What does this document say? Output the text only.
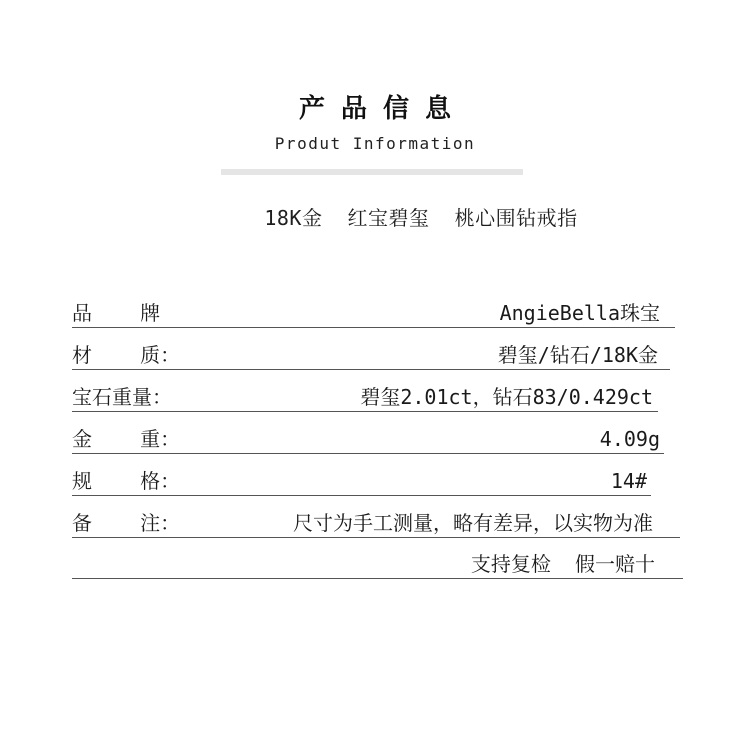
产品信息
Produt Information
18K金  红宝碧玺  桃心围钻戒指
品    牌	AngieBella珠宝
材    质：	碧玺/钻石/18K金
宝石重量：	碧玺2.01ct，钻石83/0.429ct
金    重：	4.09g
规    格：	14#
备    注：	尺寸为手工测量，略有差异，以实物为准
支持复检  假一赔十
